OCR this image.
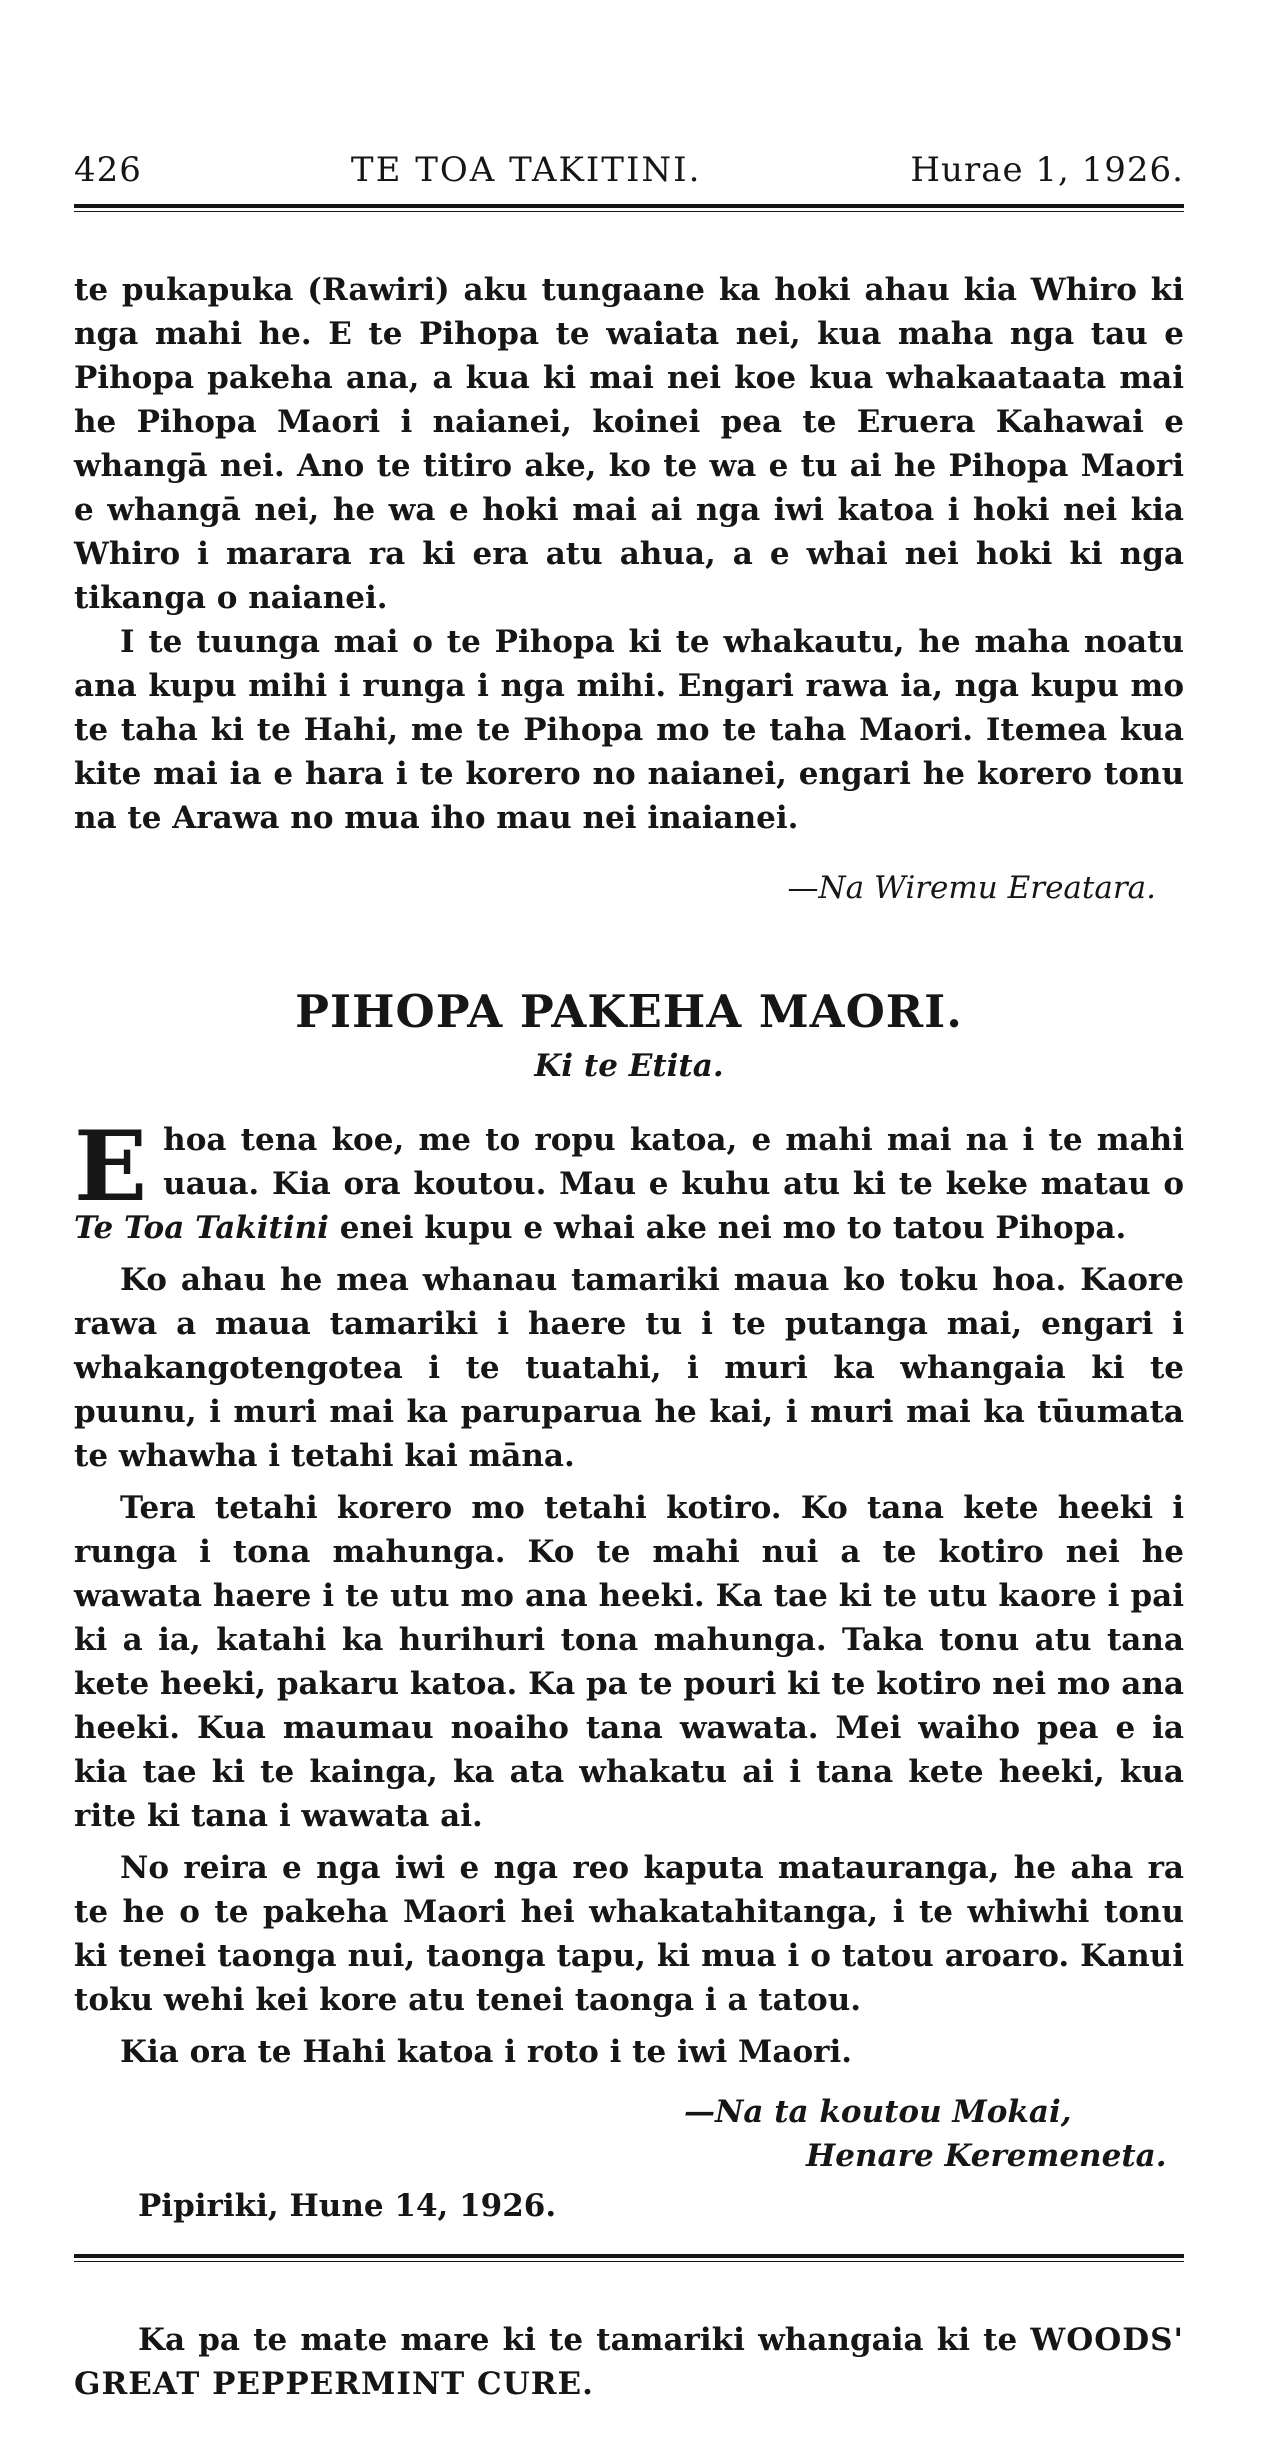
426	TE TOA TAKITINI.	Hurae 1, 1926.

te pukapuka (Rawiri) aku tungaane ka hoki ahau kia Whiro ki nga mahi he. E te Pihopa te waiata nei, kua maha nga tau e Pihopa pakeha ana, a kua ki mai nei koe kua whakaataata mai he Pihopa Maori i naianei, koinei pea te Eruera Kahawai e whangā nei. Ano te titiro ake, ko te wa e tu ai he Pihopa Maori e whangā nei, he wa e hoki mai ai nga iwi katoa i hoki nei kia Whiro i marara ra ki era atu ahua, a e whai nei hoki ki nga tikanga o naianei.

I te tuunga mai o te Pihopa ki te whakautu, he maha noatu ana kupu mihi i runga i nga mihi. Engari rawa ia, nga kupu mo te taha ki te Hahi, me te Pihopa mo te taha Maori. Itemea kua kite mai ia e hara i te korero no naianei, engari he korero tonu na te Arawa no mua iho mau nei inaianei.

—Na Wiremu Ereatara.
PIHOPA PAKEHA MAORI.
Ki te Etita.

Ehoa tena koe, me to ropu katoa, e mahi mai na i te mahi uaua. Kia ora koutou. Mau e kuhu atu ki te keke matau o Te Toa Takitini enei kupu e whai ake nei mo to tatou Pihopa.

Ko ahau he mea whanau tamariki maua ko toku hoa. Kaore rawa a maua tamariki i haere tu i te putanga mai, engari i whakangotengotea i te tuatahi, i muri ka whangaia ki te puunu, i muri mai ka paruparua he kai, i muri mai ka tūumata te whawha i tetahi kai māna.

Tera tetahi korero mo tetahi kotiro. Ko tana kete heeki i runga i tona mahunga. Ko te mahi nui a te kotiro nei he wawata haere i te utu mo ana heeki. Ka tae ki te utu kaore i pai ki a ia, katahi ka hurihuri tona mahunga. Taka tonu atu tana kete heeki, pakaru katoa. Ka pa te pouri ki te kotiro nei mo ana heeki. Kua maumau noaiho tana wawata. Mei waiho pea e ia kia tae ki te kainga, ka ata whakatu ai i tana kete heeki, kua rite ki tana i wawata ai.

No reira e nga iwi e nga reo kaputa matauranga, he aha ra te he o te pakeha Maori hei whakatahitanga, i te whiwhi tonu ki tenei taonga nui, taonga tapu, ki mua i o tatou aroaro. Kanui toku wehi kei kore atu tenei taonga i a tatou.

Kia ora te Hahi katoa i roto i te iwi Maori.

—Na ta koutou Mokai,
Henare Keremeneta.
Pipiriki, Hune 14, 1926.

Ka pa te mate mare ki te tamariki whangaia ki te WOODS' GREAT PEPPERMINT CURE.
